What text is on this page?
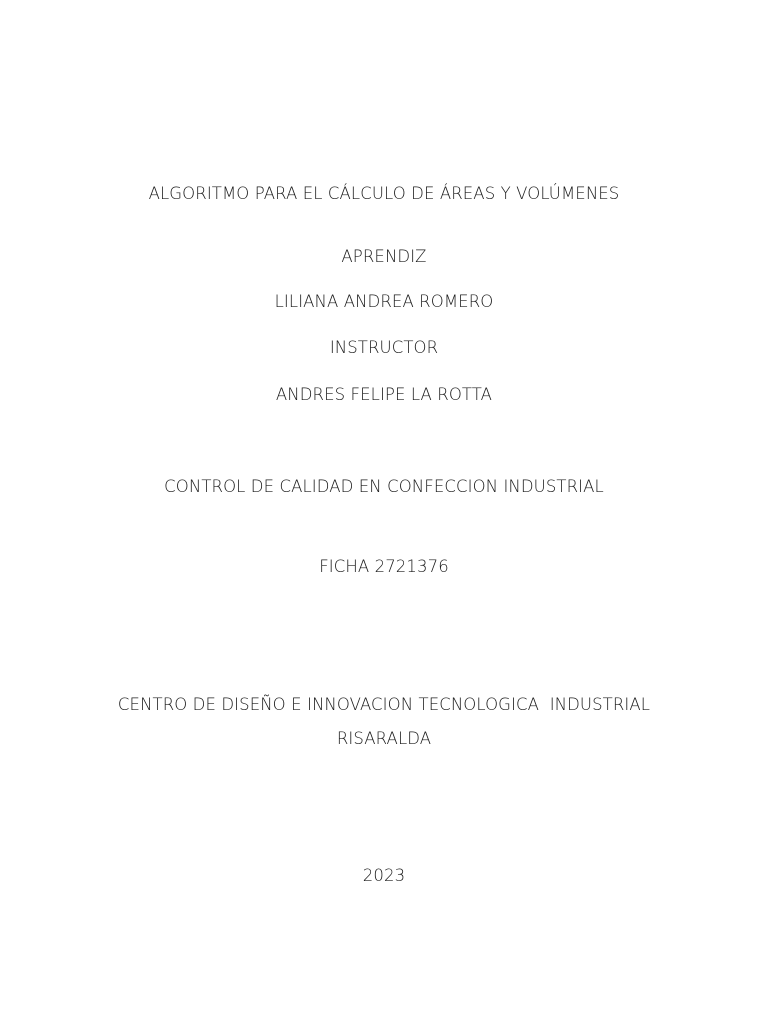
ALGORITMO PARA EL CÁLCULO DE ÁREAS Y VOLÚMENES
APRENDIZ
LILIANA ANDREA ROMERO
INSTRUCTOR
ANDRES FELIPE LA ROTTA
CONTROL DE CALIDAD EN CONFECCION INDUSTRIAL
FICHA 2721376
CENTRO DE DISEÑO E INNOVACION TECNOLOGICA  INDUSTRIAL
RISARALDA
2023
